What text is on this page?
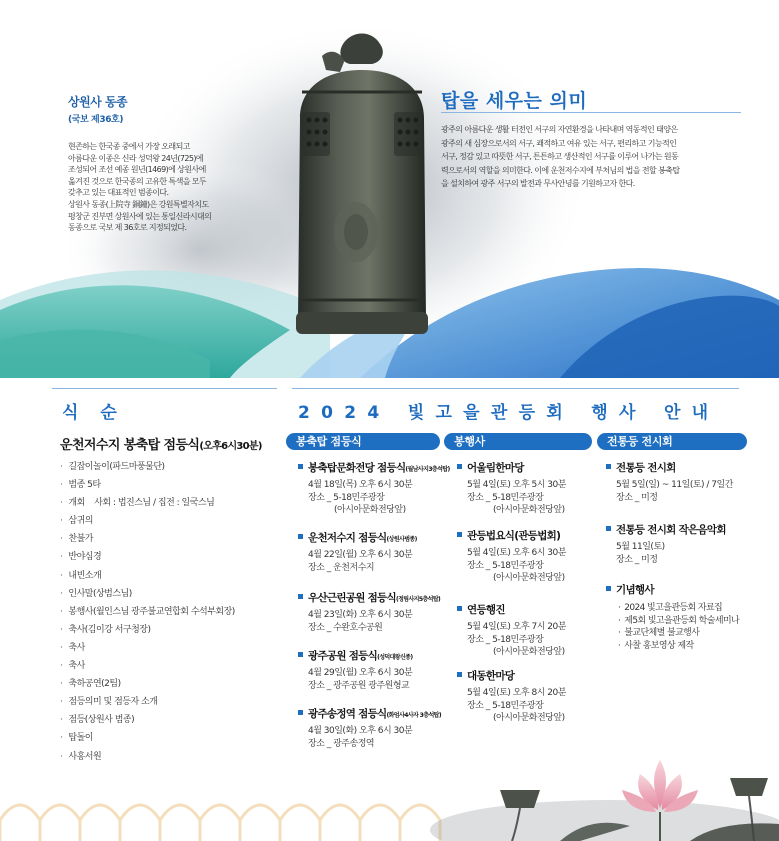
상원사 동종
(국보 제36호)

현존하는 한국종 중에서 가장 오래되고

아름다운 이종은 신라 성덕왕 24년(725)에

조성되어 조선 예종 원년(1469)에 상원사에

옮겨진 것으로 한국종의 고유한 특색을 모두

갖추고 있는 대표적인 범종이다.

상원사 동종(上院寺 銅鐘)은 강원특별자치도

평창군 진부면 상원사에 있는 통일신라시대의

동종으로 국보 제 36호로 지정되었다.

탑을 세우는 의미

광주의 아름다운 생활 터전인 서구의 자연환경을 나타내며 역동적인 태양은

광주의 새 심장으로서의 서구, 쾌적하고 여유 있는 서구, 편리하고 기능적인

서구, 정감 있고 따뜻한 서구, 튼튼하고 생산적인 서구를 이루어 나가는 원동

력으로서의 역할을 의미한다. 이에 운천저수지에 부처님의 법을 전할 봉축탑

을 설치하여 광주 서구의 발전과 무사안녕를 기원하고자 한다.

식순	2024 빛고을관등회 행사 안내
운천저수지 봉축탑 점등식(오후6시30분)
· 길잡이놀이(파드마풍물단)
· 범종 5타
· 개회    사회 : 법진스님 / 집전 : 일국스님
· 삼귀의
· 찬불가
· 반야심경
· 내빈소개
· 인사말(상범스님)
· 봉행사(월인스님 광주불교연합회 수석부회장)
· 축사(김이강 서구청장)
· 축사
· 축사
· 축하공연(2팀)
· 점등의미 및 점등자 소개
· 점등(상원사 범종)
· 탑돌이
· 사홍서원
봉축탑 점등식	봉행사	전통등 전시회
봉축탑문화전당 점등식(월남사지3층석탑)
4월 18일(목) 오후 6시 30분
장소 _ 5-18민주광장
(아시아문화전당앞)
운천저수지 점등식(상원사범종)
4월 22일(월) 오후 6시 30분
장소 _ 운천저수지
우산근린공원 점등식(정림사지5층석탑)
4월 23일(화) 오후 6시 30분
장소 _ 수완호수공원
광주공원 점등식(성덕대왕신종)
4월 29일(월) 오후 6시 30분
장소 _ 광주공원 광주원형교
광주송정역 점등식(화엄사4사자 3층석탑)
4월 30일(화) 오후 6시 30분
장소 _ 광주송정역
어울림한마당
5월 4일(토) 오후 5시 30분
장소 _ 5-18민주광장
(아시아문화전당앞)
관등법요식(관등법회)
5월 4일(토) 오후 6시 30분
장소 _ 5-18민주광장
(아시아문화전당앞)
연등행진
5월 4일(토) 오후 7시 20분
장소 _ 5-18민주광장
(아시아문화전당앞)
대동한마당
5월 4일(토) 오후 8시 20분
장소 _ 5-18민주광장
(아시아문화전당앞)
전통등 전시회
5월 5일(일) ~ 11일(토) / 7일간
장소 _ 미정
전통등 전시회 작은음악회
5월 11일(토)
장소 _ 미정
기념행사
· 2024 빛고을관등회 자료집
· 제5회 빛고을관등회 학술세미나
· 불교단체별 불교행사
· 사찰 홍보영상 제작
